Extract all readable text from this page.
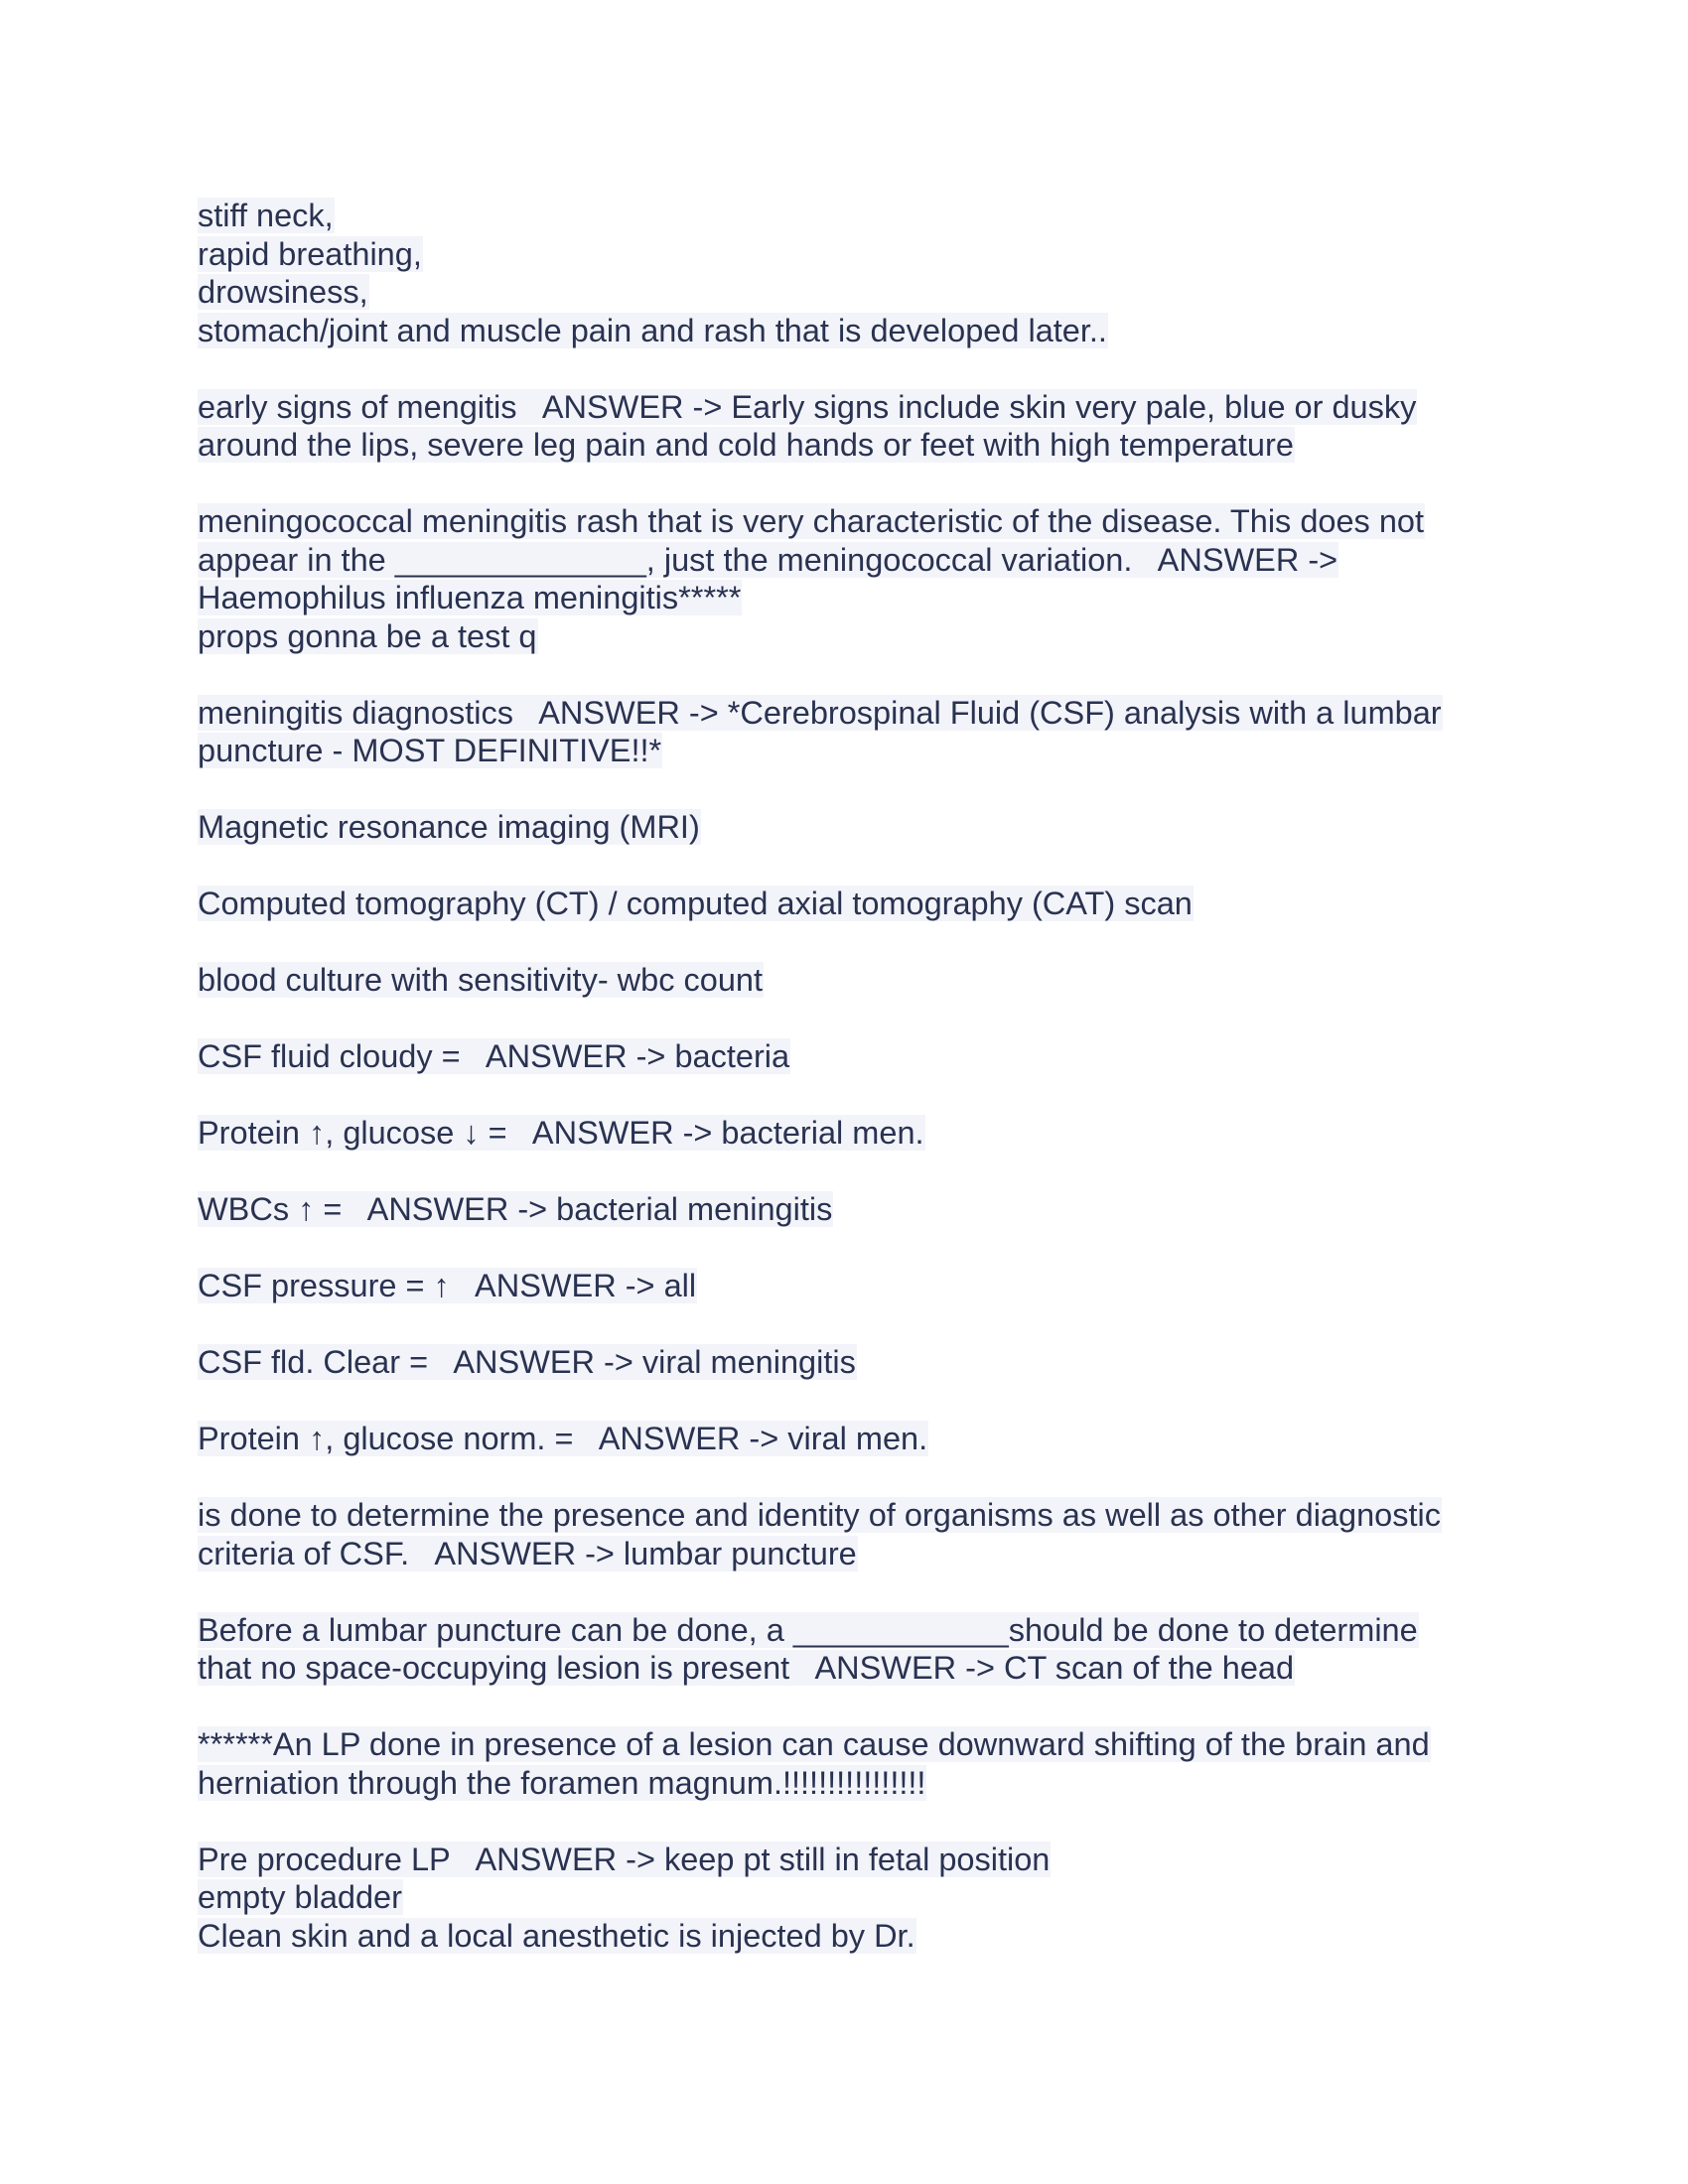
stiff neck,
rapid breathing,
drowsiness,
stomach/joint and muscle pain and rash that is developed later..
early signs of mengitis   ANSWER -> Early signs include skin very pale, blue or dusky
around the lips, severe leg pain and cold hands or feet with high temperature
meningococcal meningitis rash that is very characteristic of the disease. This does not
appear in the ______________, just the meningococcal variation.   ANSWER ->
Haemophilus influenza meningitis*****
props gonna be a test q
meningitis diagnostics   ANSWER -> *Cerebrospinal Fluid (CSF) analysis with a lumbar
puncture - MOST DEFINITIVE!!*
Magnetic resonance imaging (MRI)
Computed tomography (CT) / computed axial tomography (CAT) scan
blood culture with sensitivity- wbc count
CSF fluid cloudy =   ANSWER -> bacteria
Protein ↑, glucose ↓ =   ANSWER -> bacterial men.
WBCs ↑ =   ANSWER -> bacterial meningitis
CSF pressure = ↑   ANSWER -> all
CSF fld. Clear =   ANSWER -> viral meningitis
Protein ↑, glucose norm. =   ANSWER -> viral men.
is done to determine the presence and identity of organisms as well as other diagnostic
criteria of CSF.   ANSWER -> lumbar puncture
Before a lumbar puncture can be done, a ____________should be done to determine
that no space-occupying lesion is present   ANSWER -> CT scan of the head
******An LP done in presence of a lesion can cause downward shifting of the brain and
herniation through the foramen magnum.!!!!!!!!!!!!!!!!
Pre procedure LP   ANSWER -> keep pt still in fetal position
empty bladder
Clean skin and a local anesthetic is injected by Dr.
